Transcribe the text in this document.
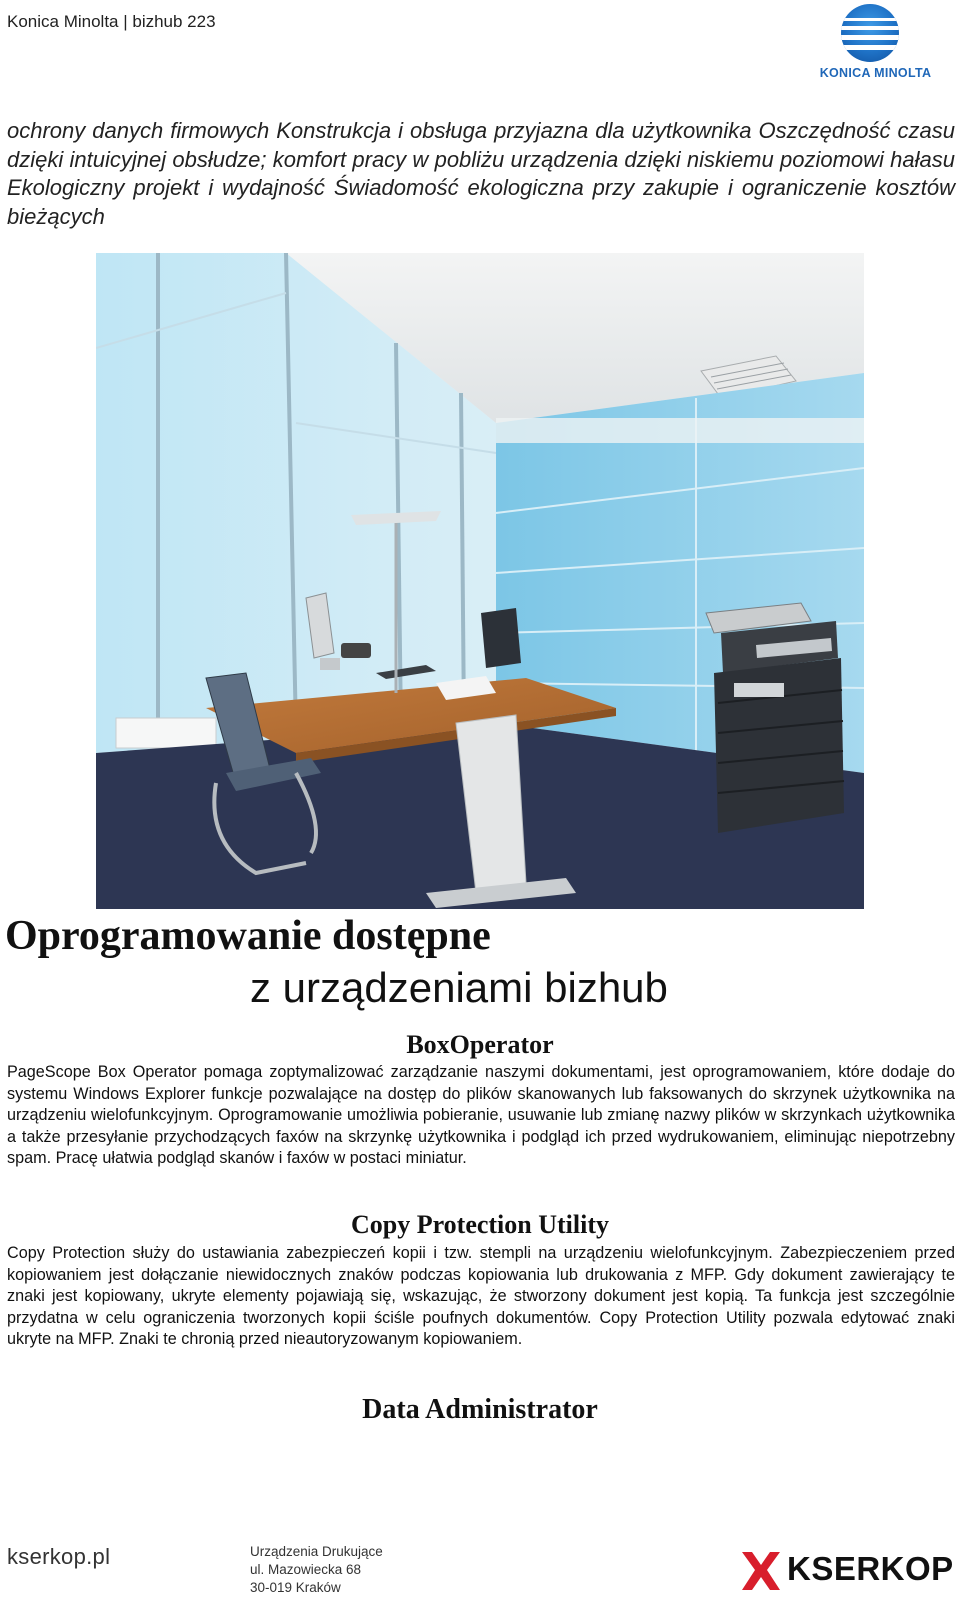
Konica Minolta | bizhub 223
KONICA MINOLTA
ochrony danych firmowych Konstrukcja i obsługa przyjazna dla użytkownika Oszczędność czasu dzięki intuicyjnej obsłudze; komfort pracy w pobliżu urządzenia dzięki niskiemu poziomowi hałasu Ekologiczny projekt i wydajność Świadomość ekologiczna przy zakupie i ograniczenie kosztów bieżących
Oprogramowanie dostępne
z urządzeniami bizhub
BoxOperator
PageScope Box Operator pomaga zoptymalizować zarządzanie naszymi dokumentami, jest oprogramowaniem, które dodaje do systemu Windows Explorer funkcje pozwalające na dostęp do plików skanowanych lub faksowanych do skrzynek użytkownika na urządzeniu wielofunkcyjnym. Oprogramowanie umożliwia pobieranie, usuwanie lub zmianę nazwy plików w skrzynkach użytkownika a także przesyłanie przychodzących faxów na skrzynkę użytkownika i podgląd ich przed wydrukowaniem, eliminując niepotrzebny spam. Pracę ułatwia podgląd skanów i faxów w postaci miniatur.
Copy Protection Utility
Copy Protection służy do ustawiania zabezpieczeń kopii i tzw. stempli na urządzeniu wielofunkcyjnym. Zabezpieczeniem przed kopiowaniem jest dołączanie niewidocznych znaków podczas kopiowania lub drukowania z MFP. Gdy dokument zawierający te znaki jest kopiowany, ukryte elementy pojawiają się, wskazując, że stworzony dokument jest kopią. Ta funkcja jest szczególnie przydatna w celu ograniczenia tworzonych kopii ściśle poufnych dokumentów. Copy Protection Utility pozwala edytować znaki ukryte na MFP. Znaki te chronią przed nieautoryzowanym kopiowaniem.
Data Administrator
kserkop.pl	Urządzenia Drukujące
ul. Mazowiecka 68
30-019 Kraków
KSERKOP
